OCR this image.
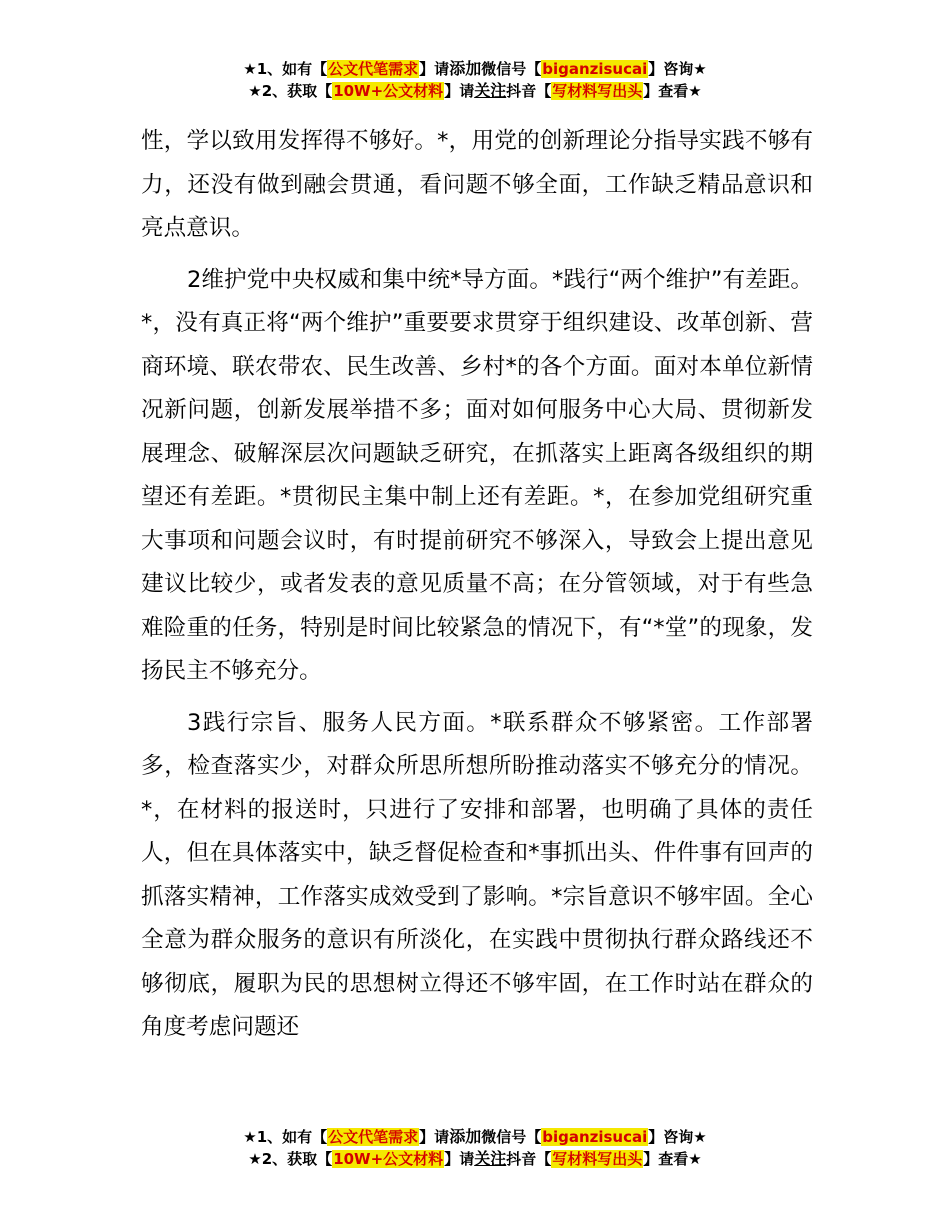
★1、如有【公文代笔需求】请添加微信号【biganzisucai】咨询★
★2、获取【10W+公文材料】请关注抖音【写材料写出头】查看★

性，学以致用发挥得不够好。*，用党的创新理论分指导实践不够有力，还没有做到融会贯通，看问题不够全面，工作缺乏精品意识和亮点意识。

2维护党中央权威和集中统*导方面。*践行“两个维护”有差距。*，没有真正将“两个维护”重要要求贯穿于组织建设、改革创新、营商环境、联农带农、民生改善、乡村*的各个方面。面对本单位新情况新问题，创新发展举措不多；面对如何服务中心大局、贯彻新发展理念、破解深层次问题缺乏研究，在抓落实上距离各级组织的期望还有差距。*贯彻民主集中制上还有差距。*，在参加党组研究重大事项和问题会议时，有时提前研究不够深入，导致会上提出意见建议比较少，或者发表的意见质量不高；在分管领域，对于有些急难险重的任务，特别是时间比较紧急的情况下，有“*堂”的现象，发扬民主不够充分。

3践行宗旨、服务人民方面。*联系群众不够紧密。工作部署多，检查落实少，对群众所思所想所盼推动落实不够充分的情况。*，在材料的报送时，只进行了安排和部署，也明确了具体的责任人，但在具体落实中，缺乏督促检查和*事抓出头、件件事有回声的抓落实精神，工作落实成效受到了影响。*宗旨意识不够牢固。全心全意为群众服务的意识有所淡化，在实践中贯彻执行群众路线还不够彻底，履职为民的思想树立得还不够牢固，在工作时站在群众的角度考虑问题还

★1、如有【公文代笔需求】请添加微信号【biganzisucai】咨询★
★2、获取【10W+公文材料】请关注抖音【写材料写出头】查看★
